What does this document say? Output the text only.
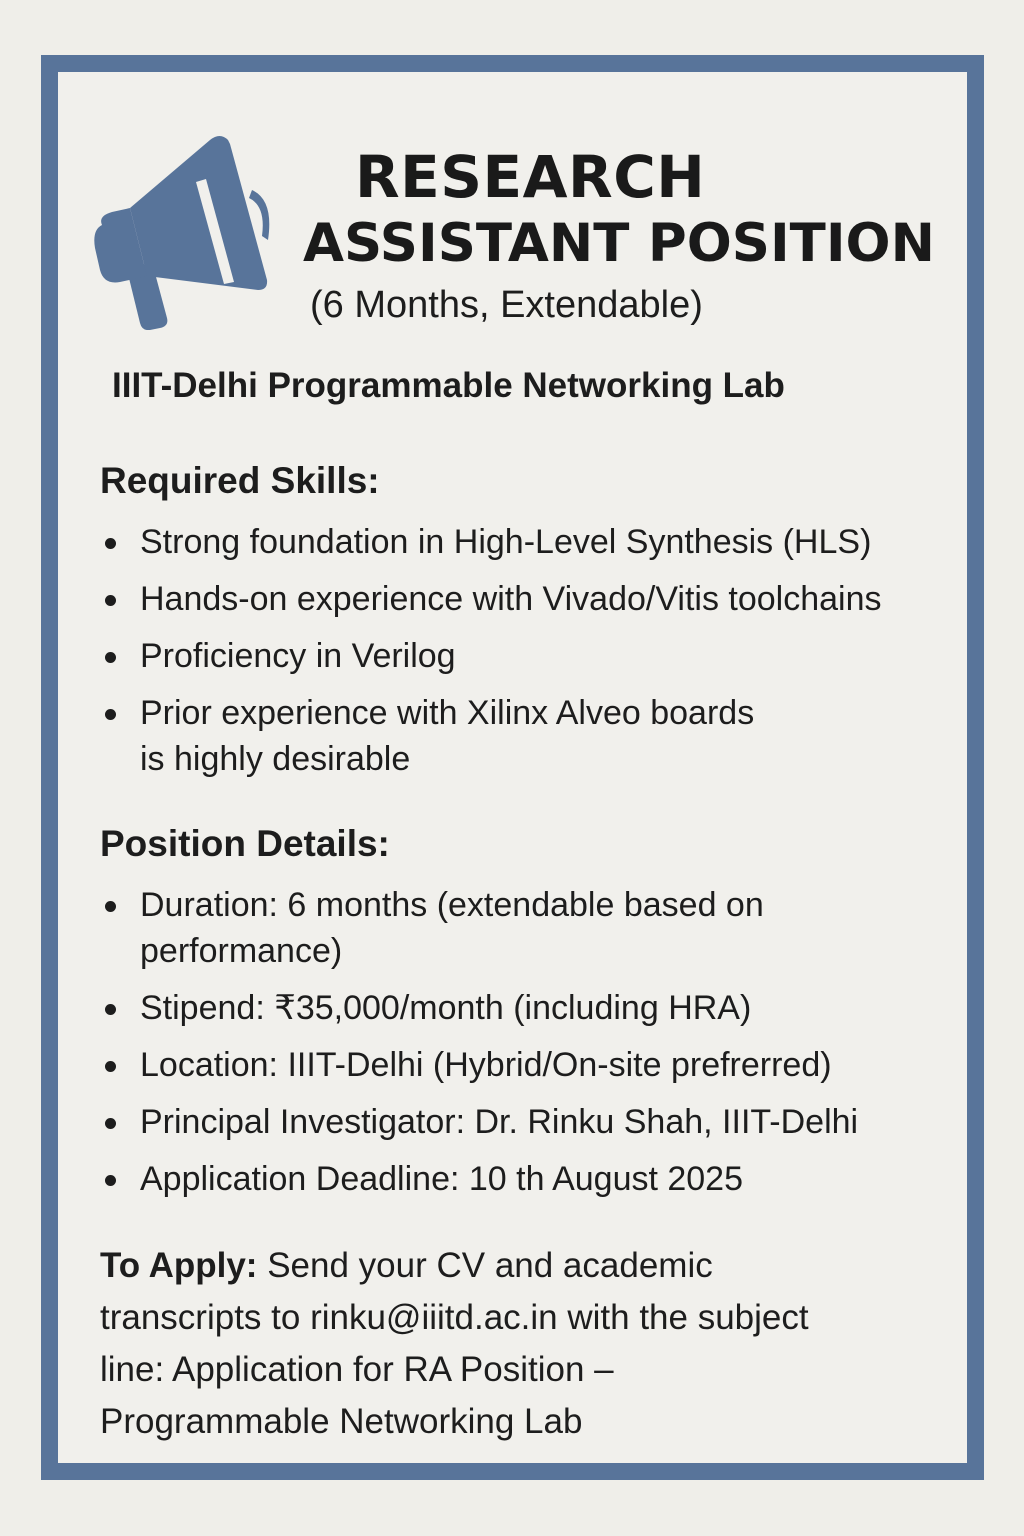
RESEARCH
ASSISTANT POSITION
(6 Months, Extendable)
IIIT-Delhi Programmable Networking Lab
Required Skills:
Strong foundation in High-Level Synthesis (HLS)
Hands-on experience with Vivado/Vitis toolchains
Proficiency in Verilog
Prior experience with Xilinx Alveo boards
is highly desirable
Position Details:
Duration: 6 months (extendable based on
performance)
Stipend: ₹35,000/month (including HRA)
Location: IIIT-Delhi (Hybrid/On-site prefrerred)
Principal Investigator: Dr. Rinku Shah, IIIT-Delhi
Application Deadline: 10 th August 2025
To Apply: Send your CV and academic
transcripts to rinku@iiitd.ac.in with the subject
line: Application for RA Position –
Programmable Networking Lab
